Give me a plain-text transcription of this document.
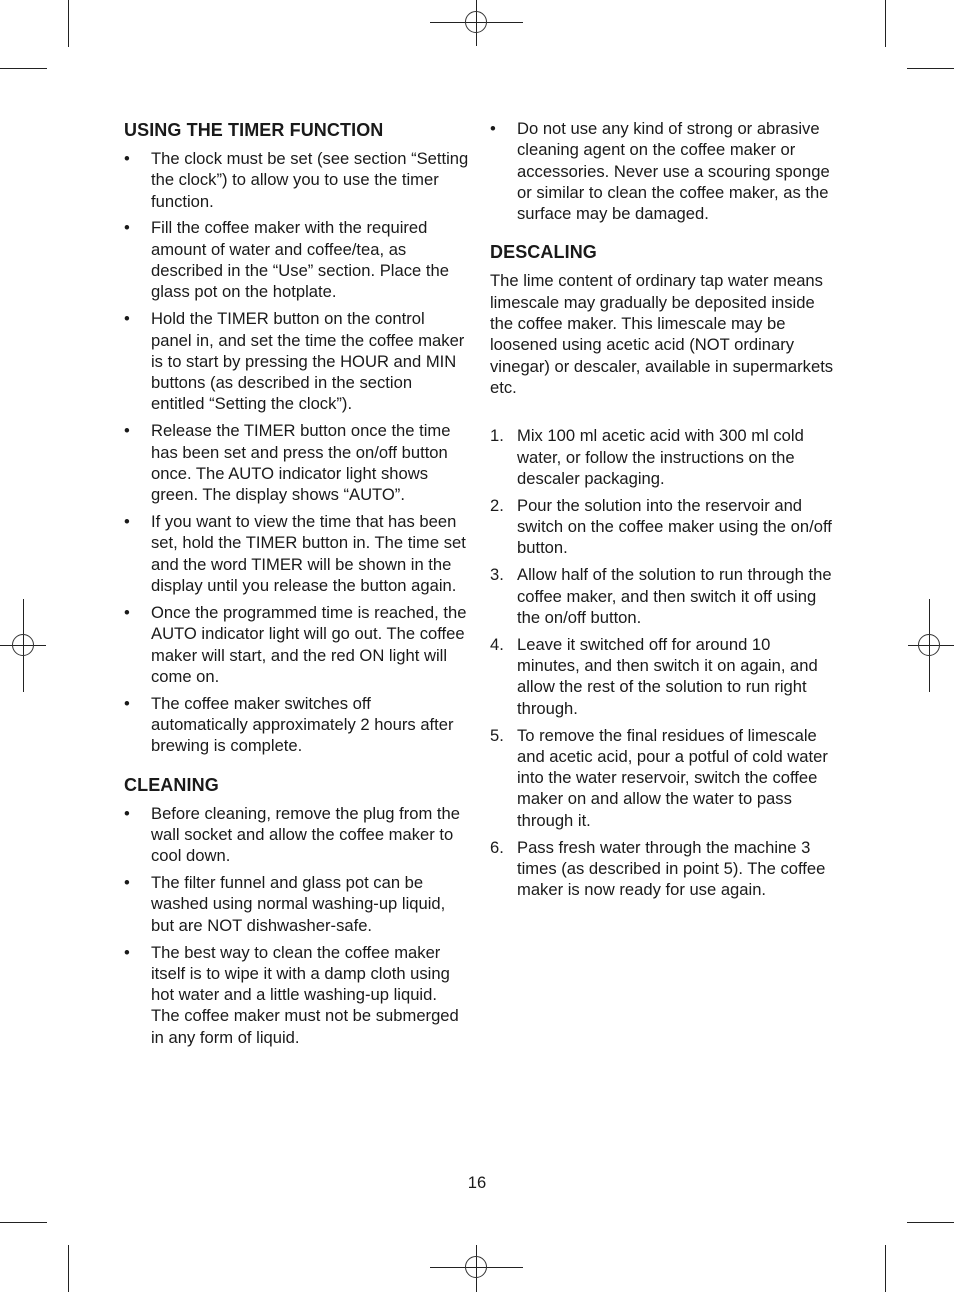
USING THE TIMER FUNCTION
• The clock must be set (see section “Setting the clock”) to allow you to use the timer function.
• Fill the coffee maker with the required amount of water and coffee/tea, as described in the “Use” section. Place the glass pot on the hotplate.
• Hold the TIMER button on the control panel in, and set the time the coffee maker is to start by pressing the HOUR and MIN buttons (as described in the section entitled “Setting the clock”).
• Release the TIMER button once the time has been set and press the on/off button once. The AUTO indicator light shows green. The display shows “AUTO”.
• If you want to view the time that has been set, hold the TIMER button in. The time set and the word TIMER will be shown in the display until you release the button again.
• Once the programmed time is reached, the AUTO indicator light will go out. The coffee maker will start, and the red ON light will come on.
• The coffee maker switches off automatically approximately 2 hours after brewing is complete.
CLEANING
• Before cleaning, remove the plug from the wall socket and allow the coffee maker to cool down.
• The filter funnel and glass pot can be washed using normal washing-up liquid, but are NOT dishwasher-safe.
• The best way to clean the coffee maker itself is to wipe it with a damp cloth using hot water and a little washing-up liquid. The coffee maker must not be submerged in any form of liquid.
• Do not use any kind of strong or abrasive cleaning agent on the coffee maker or accessories. Never use a scouring sponge or similar to clean the coffee maker, as the surface may be damaged.
DESCALING

The lime content of ordinary tap water means limescale may gradually be deposited inside the coffee maker. This limescale may be loosened using acetic acid (NOT ordinary vinegar) or descaler, available in supermarkets etc.

1. Mix 100 ml acetic acid with 300 ml cold water, or follow the instructions on the descaler packaging.
2. Pour the solution into the reservoir and switch on the coffee maker using the on/off button.
3. Allow half of the solution to run through the coffee maker, and then switch it off using the on/off button.
4. Leave it switched off for around 10 minutes, and then switch it on again, and allow the rest of the solution to run right through.
5. To remove the final residues of limescale and acetic acid, pour a potful of cold water into the water reservoir, switch the coffee maker on and allow the water to pass through it.
6. Pass fresh water through the machine 3 times (as described in point 5). The coffee maker is now ready for use again.
16
